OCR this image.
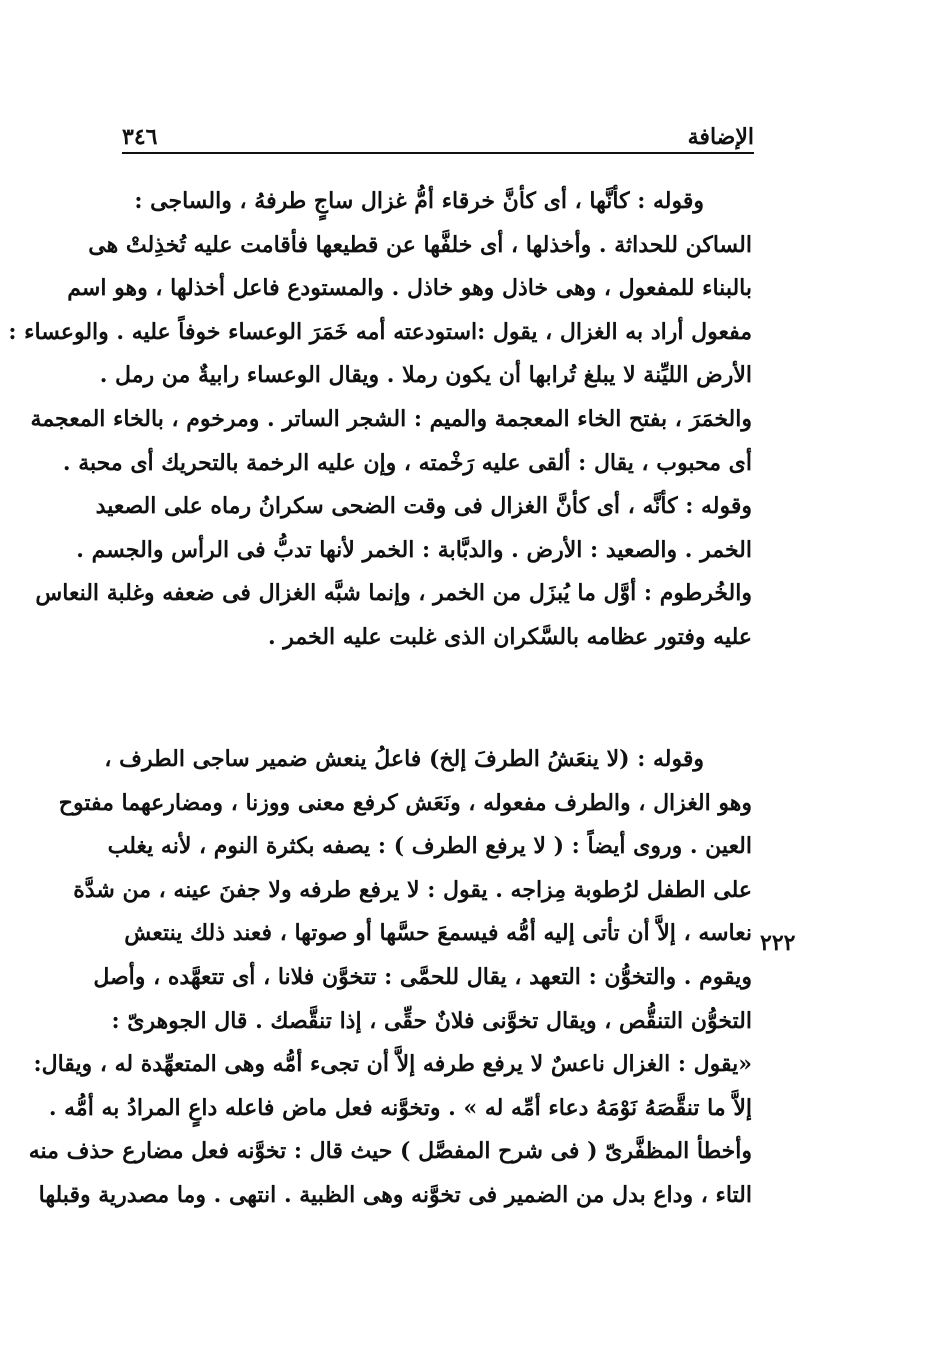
الإضافة
٣٤٦
وقوله : كأنَّها ، أى كأنَّ خرقاء أمُّ غزال ساجٍ طرفهُ ، والساجى :
الساكن للحداثة . وأخذلها ، أى خلفَّها عن قطيعها فأقامت عليه تُخذِلتْ هى
بالبناء للمفعول ، وهى خاذل وهو خاذل . والمستودع فاعل أخذلها ، وهو اسم
مفعول أراد به الغزال ، يقول :استودعته أمه خَمَرَ الوعساء خوفاً عليه . والوعساء :
الأرض الليِّنة لا يبلغ تُرابها أن يكون رملا . ويقال الوعساء رابيةٌ من رمل .
والخمَرَ ، بفتح الخاء المعجمة والميم : الشجر الساتر . ومرخوم ، بالخاء المعجمة
أى محبوب ، يقال : ألقى عليه رَخْمته ، وإن عليه الرخمة بالتحريك أى محبة .
وقوله : كأنَّه ، أى كأنَّ الغزال فى وقت الضحى سكرانُ رماه على الصعيد
الخمر . والصعيد : الأرض . والدبَّابة : الخمر لأنها تدبُّ فى الرأس والجسم .
والخُرطوم : أوَّل ما يُبزَل من الخمر ، وإنما شبَّه الغزال فى ضعفه وغلبة النعاس
عليه وفتور عظامه بالسَّكران الذى غلبت عليه الخمر .
وقوله : (لا ينعَشُ الطرفَ إلخ) فاعلُ ينعش ضمير ساجى الطرف ،
وهو الغزال ، والطرف مفعوله ، ونَعَش كرفع معنى ووزنا ، ومضارعهما مفتوح
العين . وروى أيضاً : ( لا يرفع الطرف ) : يصفه بكثرة النوم ، لأنه يغلب
على الطفل لرُطوبة مِزاجه . يقول : لا يرفع طرفه ولا جفنَ عينه ، من شدَّة
نعاسه ، إلاَّ أن تأتى إليه أمُّه فيسمعَ حسَّها أو صوتها ، فعند ذلك ينتعش
ويقوم . والتخوُّن : التعهد ، يقال للحمَّى : تتخوَّن فلانا ، أى تتعهَّده ، وأصل
التخوُّن التنقُّص ، ويقال تخوَّنى فلانٌ حقِّى ، إذا تنقَّصك . قال الجوهرىّ :
«يقول : الغزال ناعسٌ لا يرفع طرفه إلاَّ أن تجىء أمُّه وهى المتعهِّدة له ، ويقال:
إلاَّ ما تنقَّصَهُ نَوْمَهُ دعاء أمِّه له » . وتخوَّنه فعل ماض فاعله داعٍ المرادُ به أمُّه .
وأخطأ المظفَّرىّ ( فى شرح المفصَّل ) حيث قال : تخوَّنه فعل مضارع حذف منه
التاء ، وداع بدل من الضمير فى تخوَّنه وهى الظبية . انتهى . وما مصدرية وقبلها
٢٢٢
